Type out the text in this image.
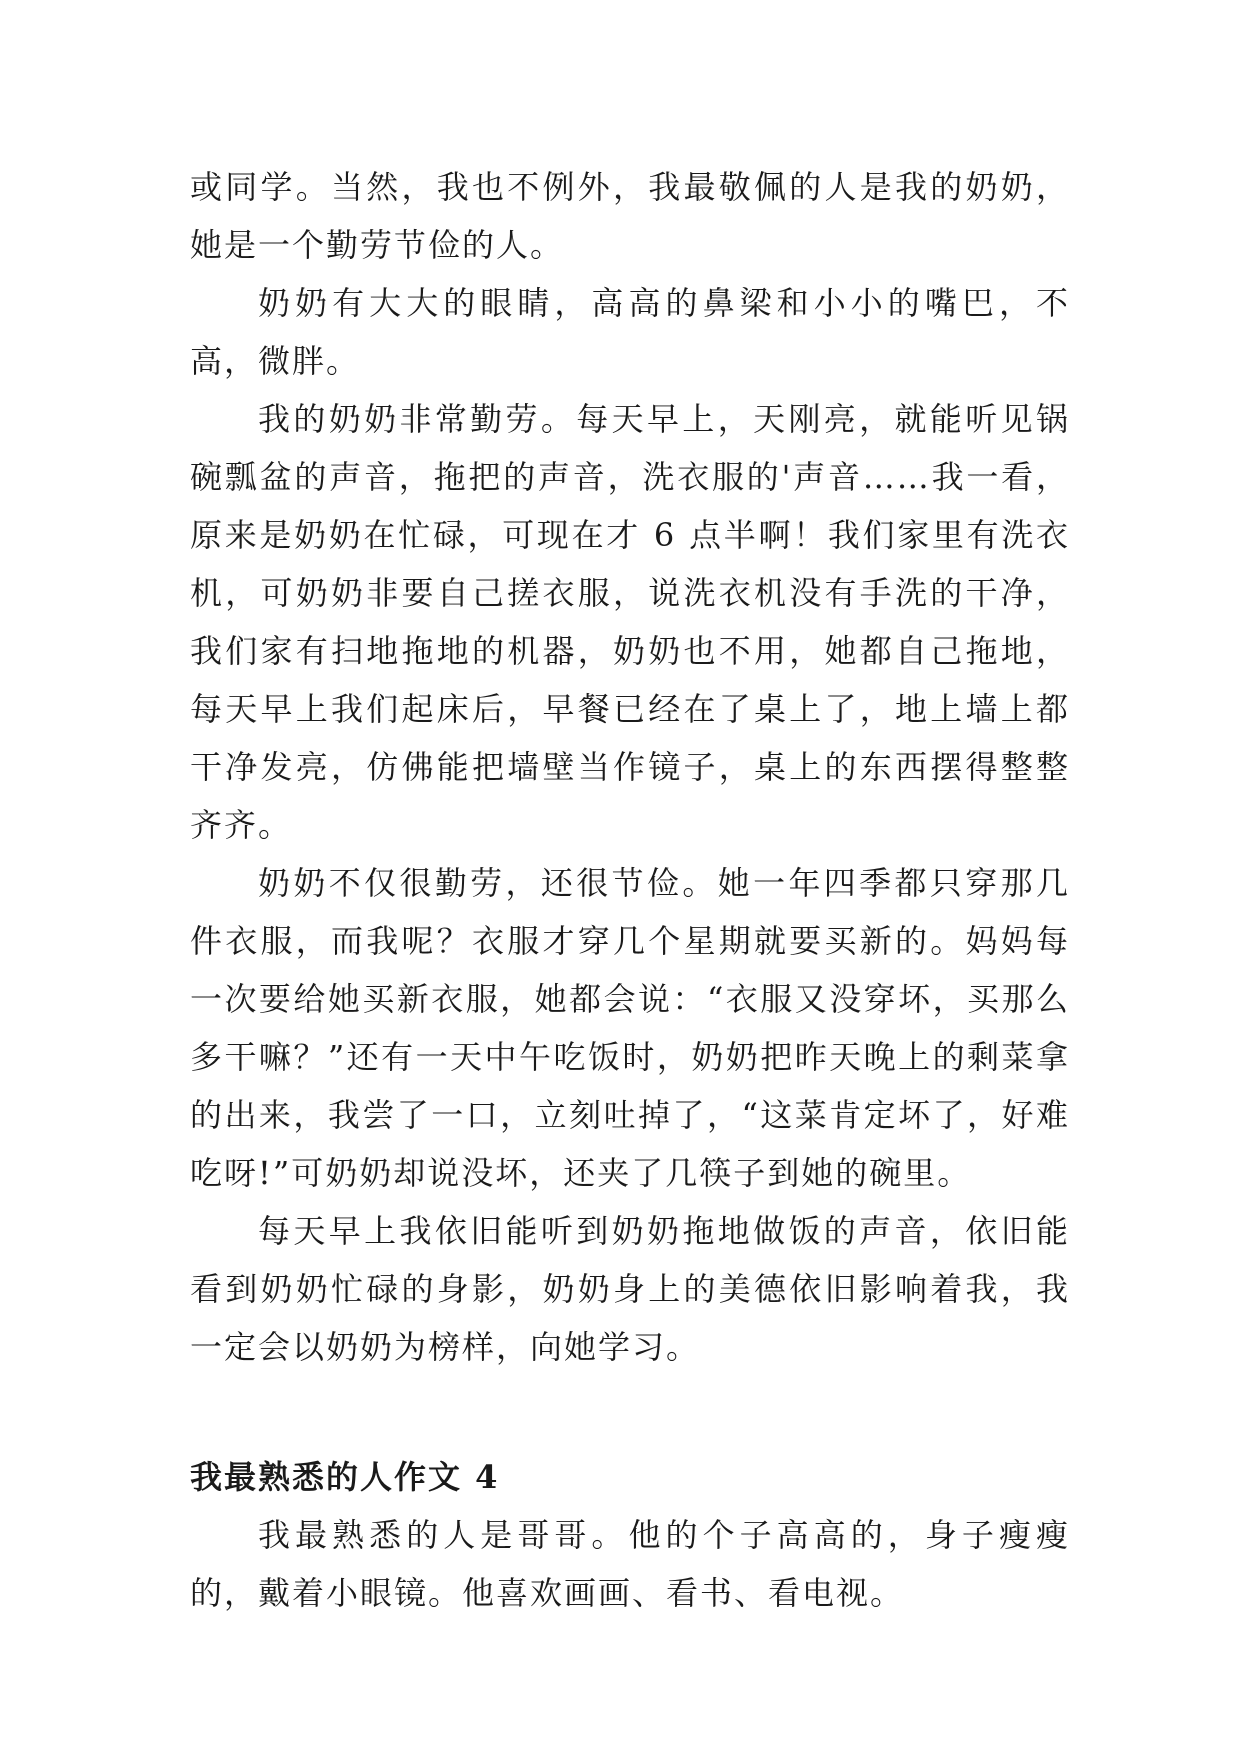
或同学。当然，我也不例外，我最敬佩的人是我的奶奶，她是一个勤劳节俭的人。

奶奶有大大的眼睛，高高的鼻梁和小小的嘴巴，不高，微胖。

我的奶奶非常勤劳。每天早上，天刚亮，就能听见锅碗瓢盆的声音，拖把的声音，洗衣服的'声音……我一看，原来是奶奶在忙碌，可现在才 6 点半啊！我们家里有洗衣机，可奶奶非要自己搓衣服，说洗衣机没有手洗的干净，我们家有扫地拖地的机器，奶奶也不用，她都自己拖地，每天早上我们起床后，早餐已经在了桌上了，地上墙上都干净发亮，仿佛能把墙壁当作镜子，桌上的东西摆得整整齐齐。

奶奶不仅很勤劳，还很节俭。她一年四季都只穿那几件衣服，而我呢？衣服才穿几个星期就要买新的。妈妈每一次要给她买新衣服，她都会说：“衣服又没穿坏，买那么多干嘛？”还有一天中午吃饭时，奶奶把昨天晚上的剩菜拿的出来，我尝了一口，立刻吐掉了，“这菜肯定坏了，好难吃呀!”可奶奶却说没坏，还夹了几筷子到她的碗里。

每天早上我依旧能听到奶奶拖地做饭的声音，依旧能看到奶奶忙碌的身影，奶奶身上的美德依旧影响着我，我一定会以奶奶为榜样，向她学习。

我最熟悉的人作文 4

我最熟悉的人是哥哥。他的个子高高的，身子瘦瘦的，戴着小眼镜。他喜欢画画、看书、看电视。
